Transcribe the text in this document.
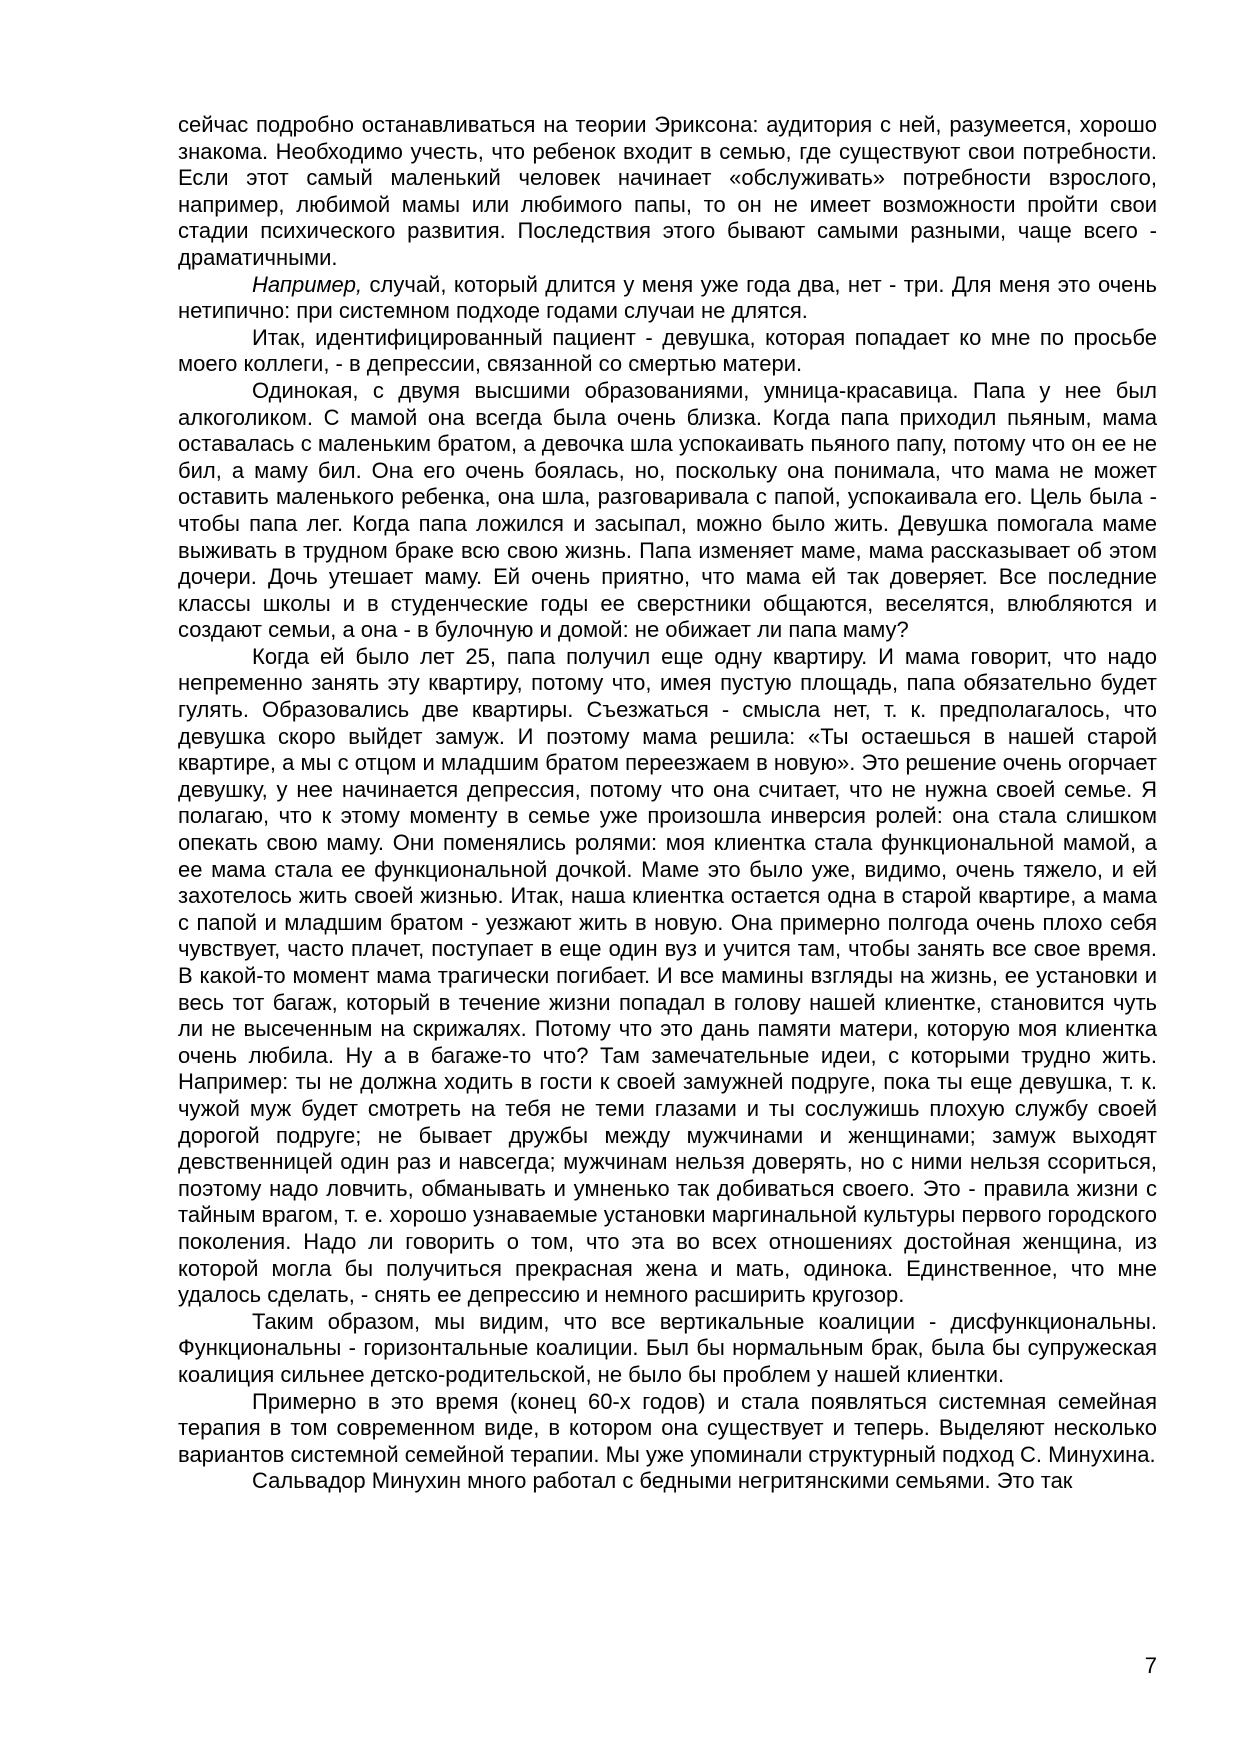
сейчас подробно останавливаться на теории Эриксона: аудитория с ней, разумеется, хорошо знакома. Необходимо учесть, что ребенок входит в семью, где существуют свои потребности. Если этот самый маленький человек начинает «обслуживать» потребности взрослого, например, любимой мамы или любимого папы, то он не имеет возможности пройти свои стадии психического развития. Последствия этого бывают самыми разными, чаще всего - драматичными.

Например, случай, который длится у меня уже года два, нет - три. Для меня это очень нетипично: при системном подходе годами случаи не длятся.

Итак, идентифицированный пациент - девушка, которая попадает ко мне по просьбе моего коллеги, - в депрессии, связанной со смертью матери.

Одинокая, с двумя высшими образованиями, умница-красавица. Папа у нее был алкоголиком. С мамой она всегда была очень близка. Когда папа приходил пьяным, мама оставалась с маленьким братом, а девочка шла успокаивать пьяного папу, потому что он ее не бил, а маму бил. Она его очень боялась, но, поскольку она понимала, что мама не может оставить маленького ребенка, она шла, разговаривала с папой, успокаивала его. Цель была - чтобы папа лег. Когда папа ложился и засыпал, можно было жить. Девушка помогала маме выживать в трудном браке всю свою жизнь. Папа изменяет маме, мама рассказывает об этом дочери. Дочь утешает маму. Ей очень приятно, что мама ей так доверяет. Все последние классы школы и в студенческие годы ее сверстники общаются, веселятся, влюбляются и создают семьи, а она - в булочную и домой: не обижает ли папа маму?

Когда ей было лет 25, папа получил еще одну квартиру. И мама говорит, что надо непременно занять эту квартиру, потому что, имея пустую площадь, папа обязательно будет гулять. Образовались две квартиры. Съезжаться - смысла нет, т. к. предполагалось, что девушка скоро выйдет замуж. И поэтому мама решила: «Ты остаешься в нашей старой квартире, а мы с отцом и младшим братом переезжаем в новую». Это решение очень огорчает девушку, у нее начинается депрессия, потому что она считает, что не нужна своей семье. Я полагаю, что к этому моменту в семье уже произошла инверсия ролей: она стала слишком опекать свою маму. Они поменялись ролями: моя клиентка стала функциональной мамой, а ее мама стала ее функциональной дочкой. Маме это было уже, видимо, очень тяжело, и ей захотелось жить своей жизнью. Итак, наша клиентка остается одна в старой квартире, а мама с папой и младшим братом - уезжают жить в новую. Она примерно полгода очень плохо себя чувствует, часто плачет, поступает в еще один вуз и учится там, чтобы занять все свое время. В какой-то момент мама трагически погибает. И все мамины взгляды на жизнь, ее установки и весь тот багаж, который в течение жизни попадал в голову нашей клиентке, становится чуть ли не высеченным на скрижалях. Потому что это дань памяти матери, которую моя клиентка очень любила. Ну а в багаже-то что? Там замечательные идеи, с которыми трудно жить. Например: ты не должна ходить в гости к своей замужней подруге, пока ты еще девушка, т. к. чужой муж будет смотреть на тебя не теми глазами и ты сослужишь плохую службу своей дорогой подруге; не бывает дружбы между мужчинами и женщинами; замуж выходят девственницей один раз и навсегда; мужчинам нельзя доверять, но с ними нельзя ссориться, поэтому надо ловчить, обманывать и умненько так добиваться своего. Это - правила жизни с тайным врагом, т. е. хорошо узнаваемые установки маргинальной культуры первого городского поколения. Надо ли говорить о том, что эта во всех отношениях достойная женщина, из которой могла бы получиться прекрасная жена и мать, одинока. Единственное, что мне удалось сделать, - снять ее депрессию и немного расширить кругозор.

Таким образом, мы видим, что все вертикальные коалиции - дисфункциональны. Функциональны - горизонтальные коалиции. Был бы нормальным брак, была бы супружеская коалиция сильнее детско-родительской, не было бы проблем у нашей клиентки.

Примерно в это время (конец 60-х годов) и стала появляться системная семейная терапия в том современном виде, в котором она существует и теперь. Выделяют несколько вариантов системной семейной терапии. Мы уже упоминали структурный подход С. Минухина.

Сальвадор Минухин много работал с бедными негритянскими семьями. Это так

7
